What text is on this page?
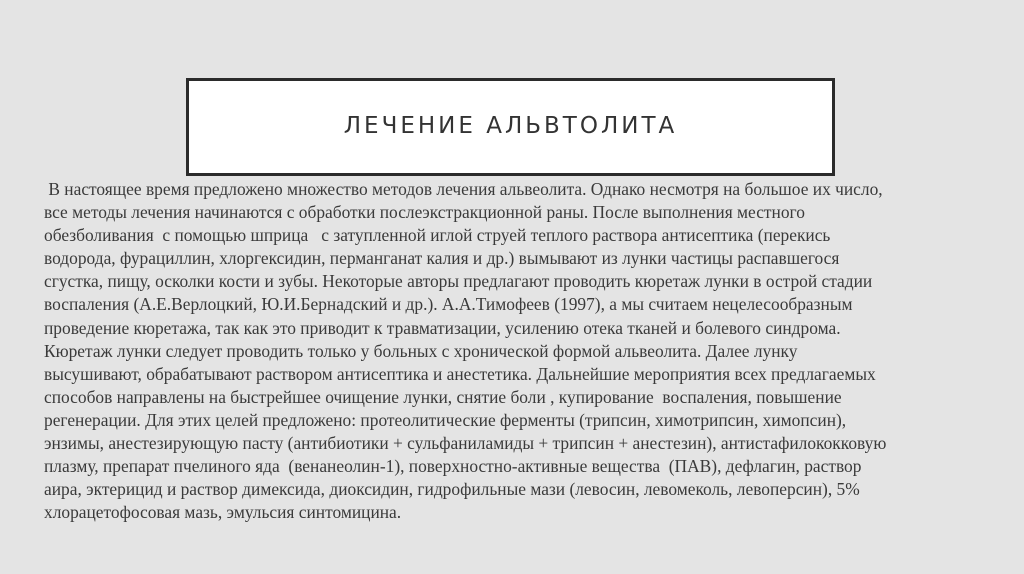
ЛЕЧЕНИЕ АЛЬВТОЛИТА
В настоящее время предложено множество методов лечения альвеолита. Однако несмотря на большое их число,
все методы лечения начинаются с обработки послеэкстракционной раны. После выполнения местного
обезболивания  с помощью шприца   с затупленной иглой струей теплого раствора антисептика (перекись
водорода, фурациллин, хлоргексидин, перманганат калия и др.) вымывают из лунки частицы распавшегося
сгустка, пищу, осколки кости и зубы. Некоторые авторы предлагают проводить кюретаж лунки в острой стадии
воспаления (А.Е.Верлоцкий, Ю.И.Бернадский и др.). А.А.Тимофеев (1997), а мы считаем нецелесообразным
проведение кюретажа, так как это приводит к травматизации, усилению отека тканей и болевого синдрома.
Кюретаж лунки следует проводить только у больных с хронической формой альвеолита. Далее лунку
высушивают, обрабатывают раствором антисептика и анестетика. Дальнейшие мероприятия всех предлагаемых
способов направлены на быстрейшее очищение лунки, снятие боли , купирование  воспаления, повышение
регенерации. Для этих целей предложено: протеолитические ферменты (трипсин, химотрипсин, химопсин),
энзимы, анестезирующую пасту (антибиотики + сульфаниламиды + трипсин + анестезин), антистафилококковую
плазму, препарат пчелиного яда  (венанеолин-1), поверхностно-активные вещества  (ПАВ), дефлагин, раствор
аира, эктерицид и раствор димексида, диоксидин, гидрофильные мази (левосин, левомеколь, левоперсин), 5%
хлорацетофосовая мазь, эмульсия синтомицина.
